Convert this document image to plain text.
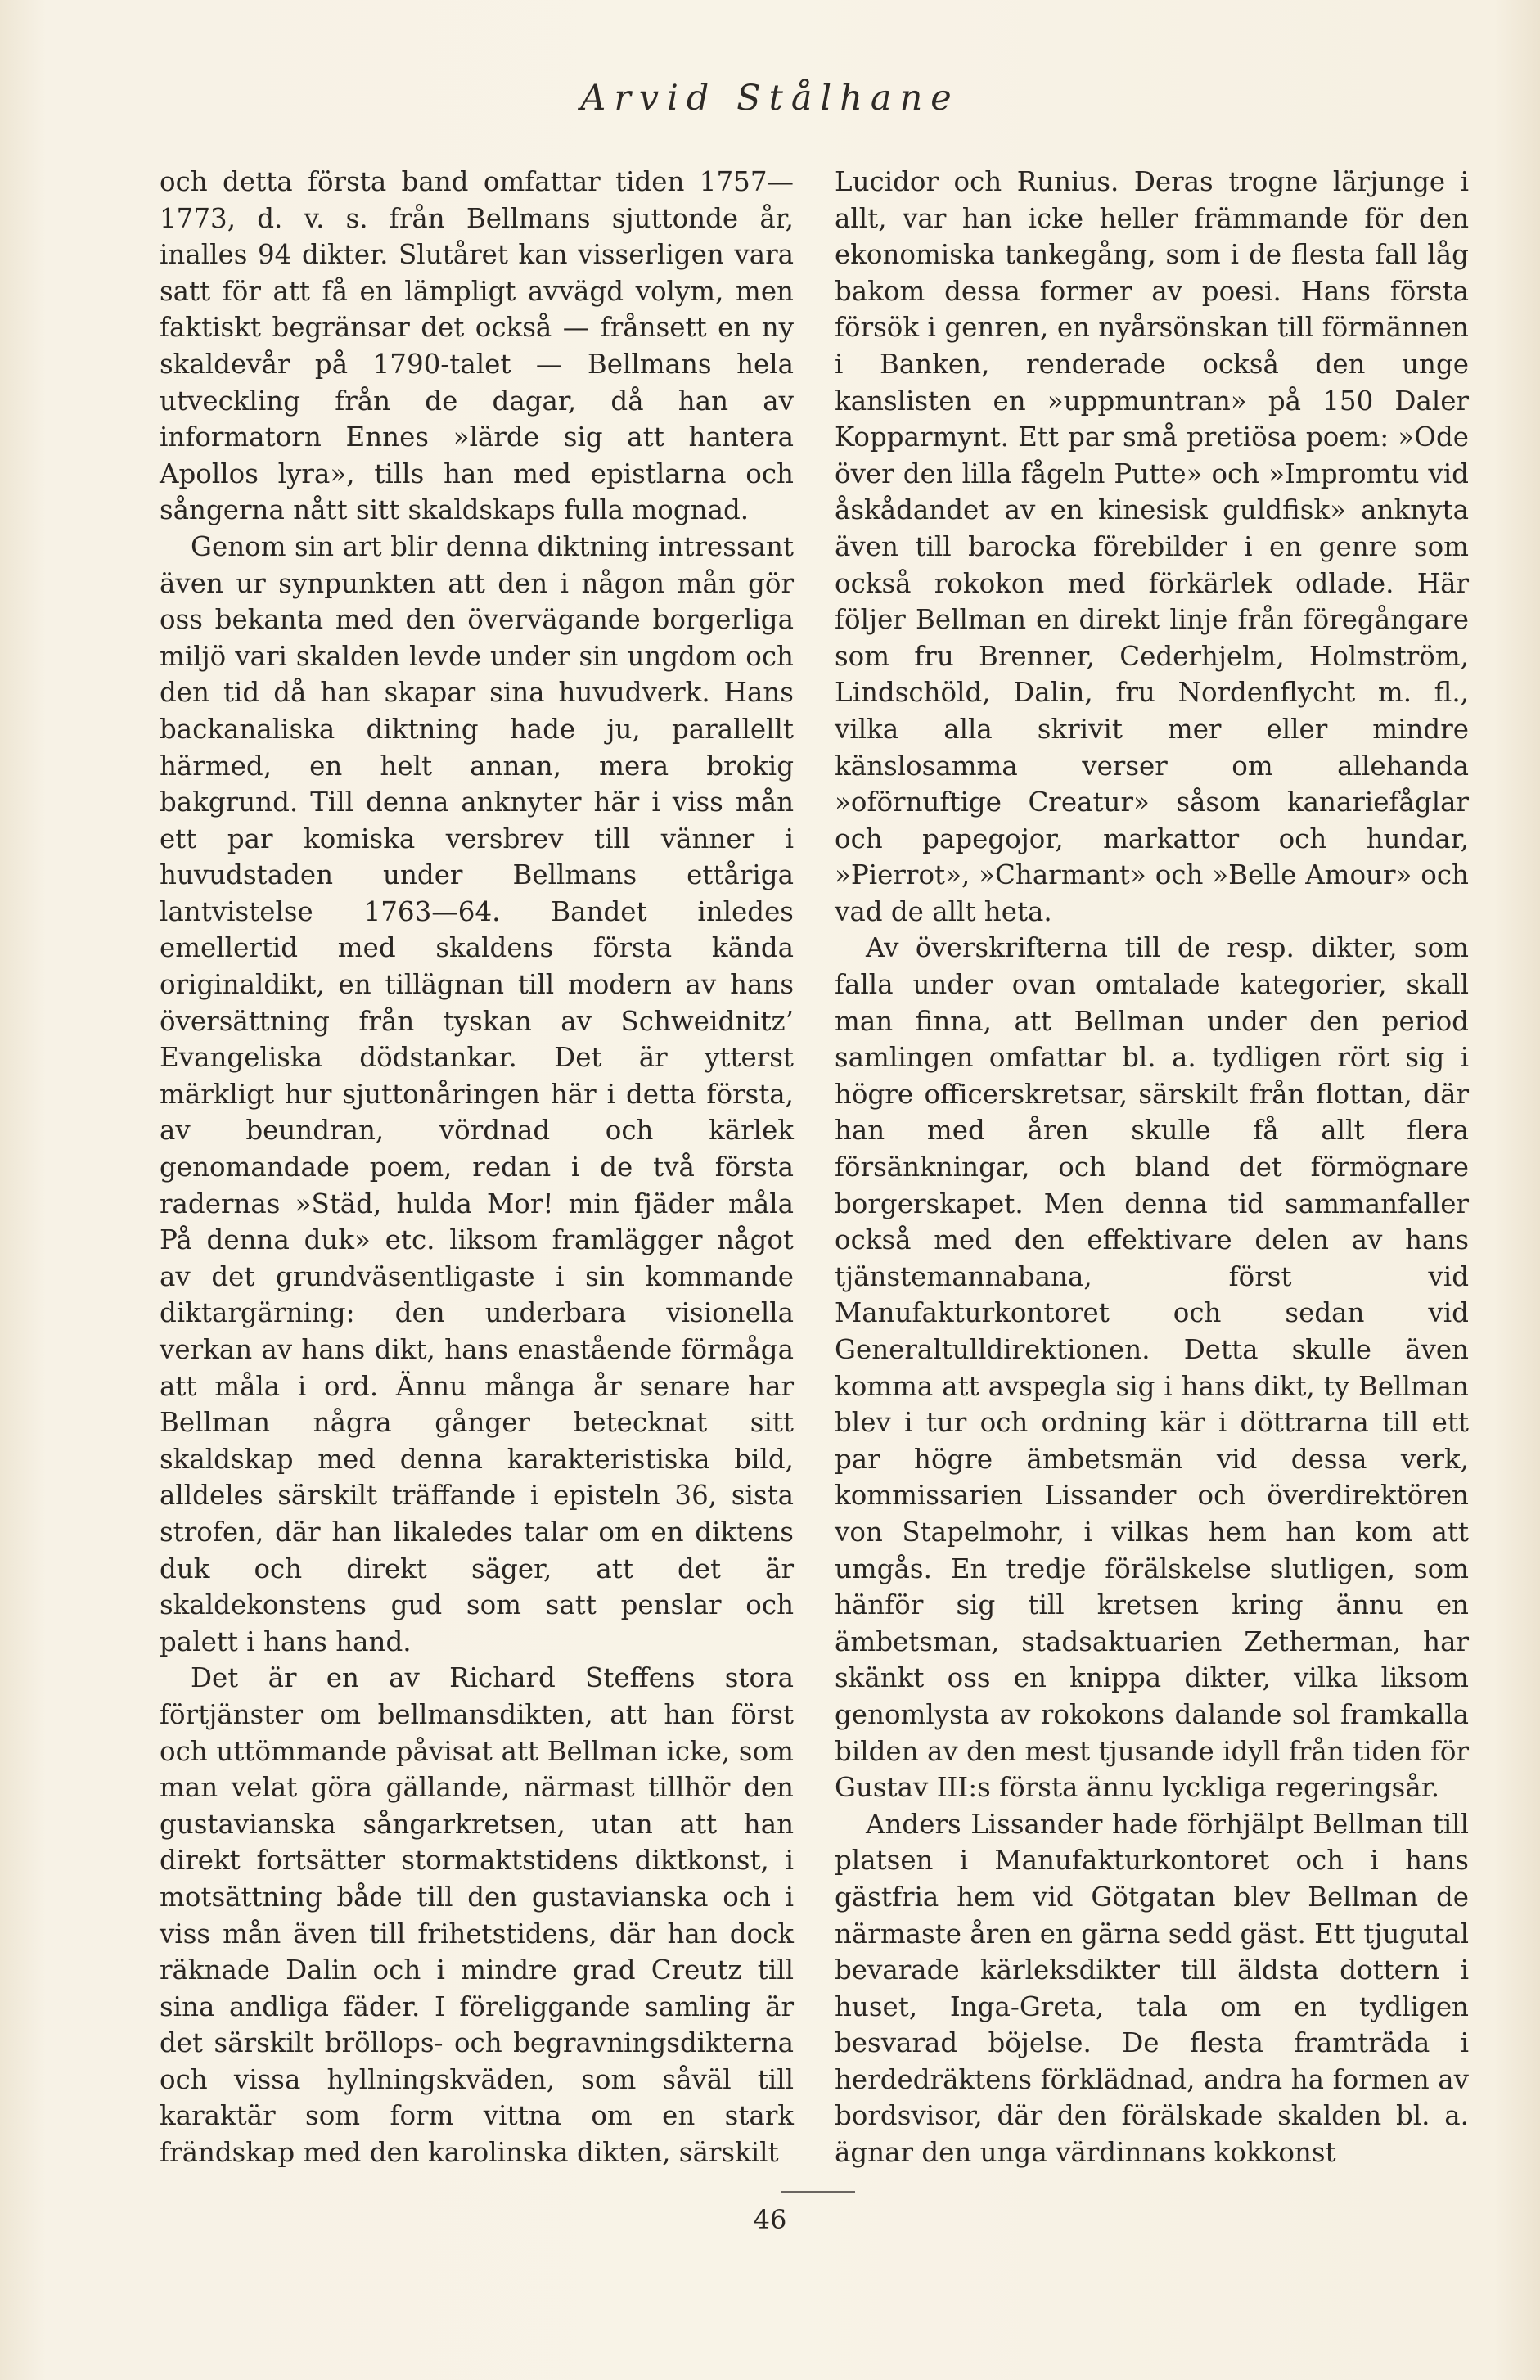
Arvid Stålhane

och detta första band omfattar tiden 1757—1773, d. v. s. från Bellmans sjuttonde år, inalles 94 dikter. Slutåret kan visserligen vara satt för att få en lämpligt avvägd volym, men faktiskt begränsar det också — frånsett en ny skaldevår på 1790-talet — Bellmans hela utveckling från de dagar, då han av informatorn Ennes »lärde sig att hantera Apollos lyra», tills han med epistlarna och sångerna nått sitt skaldskaps fulla mognad.

Genom sin art blir denna diktning intressant även ur synpunkten att den i någon mån gör oss bekanta med den övervägande borgerliga miljö vari skalden levde under sin ungdom och den tid då han skapar sina huvudverk. Hans backanaliska diktning hade ju, parallellt härmed, en helt annan, mera brokig bakgrund. Till denna anknyter här i viss mån ett par komiska versbrev till vänner i huvudstaden under Bellmans ettåriga lantvistelse 1763—64. Bandet inledes emellertid med skaldens första kända originaldikt, en tillägnan till modern av hans översättning från tyskan av Schweidnitz’ Evangeliska dödstankar. Det är ytterst märkligt hur sjuttonåringen här i detta första, av beundran, vördnad och kärlek genomandade poem, redan i de två första radernas »Städ, hulda Mor! min fjäder måla På denna duk» etc. liksom framlägger något av det grundväsentligaste i sin kommande diktargärning: den underbara visionella verkan av hans dikt, hans enastående förmåga att måla i ord. Ännu många år senare har Bellman några gånger betecknat sitt skaldskap med denna karakteristiska bild, alldeles särskilt träffande i episteln 36, sista strofen, där han likaledes talar om en diktens duk och direkt säger, att det är skaldekonstens gud som satt penslar och palett i hans hand.

Det är en av Richard Steffens stora förtjänster om bellmansdikten, att han först och uttömmande påvisat att Bellman icke, som man velat göra gällande, närmast tillhör den gustavianska sångarkretsen, utan att han direkt fortsätter stormaktstidens diktkonst, i motsättning både till den gustavianska och i viss mån även till frihetstidens, där han dock räknade Dalin och i mindre grad Creutz till sina andliga fäder. I föreliggande samling är det särskilt bröllops- och begravningsdikterna och vissa hyllningskväden, som såväl till karaktär som form vittna om en stark frändskap med den karolinska dikten, särskilt

Lucidor och Runius. Deras trogne lärjunge i allt, var han icke heller främmande för den ekonomiska tankegång, som i de flesta fall låg bakom dessa former av poesi. Hans första försök i genren, en nyårsönskan till förmännen i Banken, renderade också den unge kanslisten en »uppmuntran» på 150 Daler Kopparmynt. Ett par små pretiösa poem: »Ode över den lilla fågeln Putte» och »Impromtu vid åskådandet av en kinesisk guldfisk» anknyta även till barocka förebilder i en genre som också rokokon med förkärlek odlade. Här följer Bellman en direkt linje från föregångare som fru Brenner, Cederhjelm, Holmström, Lindschöld, Dalin, fru Nordenflycht m. fl., vilka alla skrivit mer eller mindre känslosamma verser om allehanda »oförnuftige Creatur» såsom kanariefåglar och papegojor, markattor och hundar, »Pierrot», »Charmant» och »Belle Amour» och vad de allt heta.

Av överskrifterna till de resp. dikter, som falla under ovan omtalade kategorier, skall man finna, att Bellman under den period samlingen omfattar bl. a. tydligen rört sig i högre officerskretsar, särskilt från flottan, där han med åren skulle få allt flera försänkningar, och bland det förmögnare borgerskapet. Men denna tid sammanfaller också med den effektivare delen av hans tjänstemannabana, först vid Manufakturkontoret och sedan vid Generaltulldirektionen. Detta skulle även komma att avspegla sig i hans dikt, ty Bellman blev i tur och ordning kär i döttrarna till ett par högre ämbetsmän vid dessa verk, kommissarien Lissander och överdirektören von Stapelmohr, i vilkas hem han kom att umgås. En tredje förälskelse slutligen, som hänför sig till kretsen kring ännu en ämbetsman, stadsaktuarien Zetherman, har skänkt oss en knippa dikter, vilka liksom genomlysta av rokokons dalande sol framkalla bilden av den mest tjusande idyll från tiden för Gustav III:s första ännu lyckliga regeringsår.

Anders Lissander hade förhjälpt Bellman till platsen i Manufakturkontoret och i hans gästfria hem vid Götgatan blev Bellman de närmaste åren en gärna sedd gäst. Ett tjugutal bevarade kärleksdikter till äldsta dottern i huset, Inga-Greta, tala om en tydligen besvarad böjelse. De flesta framträda i herdedräktens förklädnad, andra ha formen av bordsvisor, där den förälskade skalden bl. a. ägnar den unga värdinnans kokkonst

46
